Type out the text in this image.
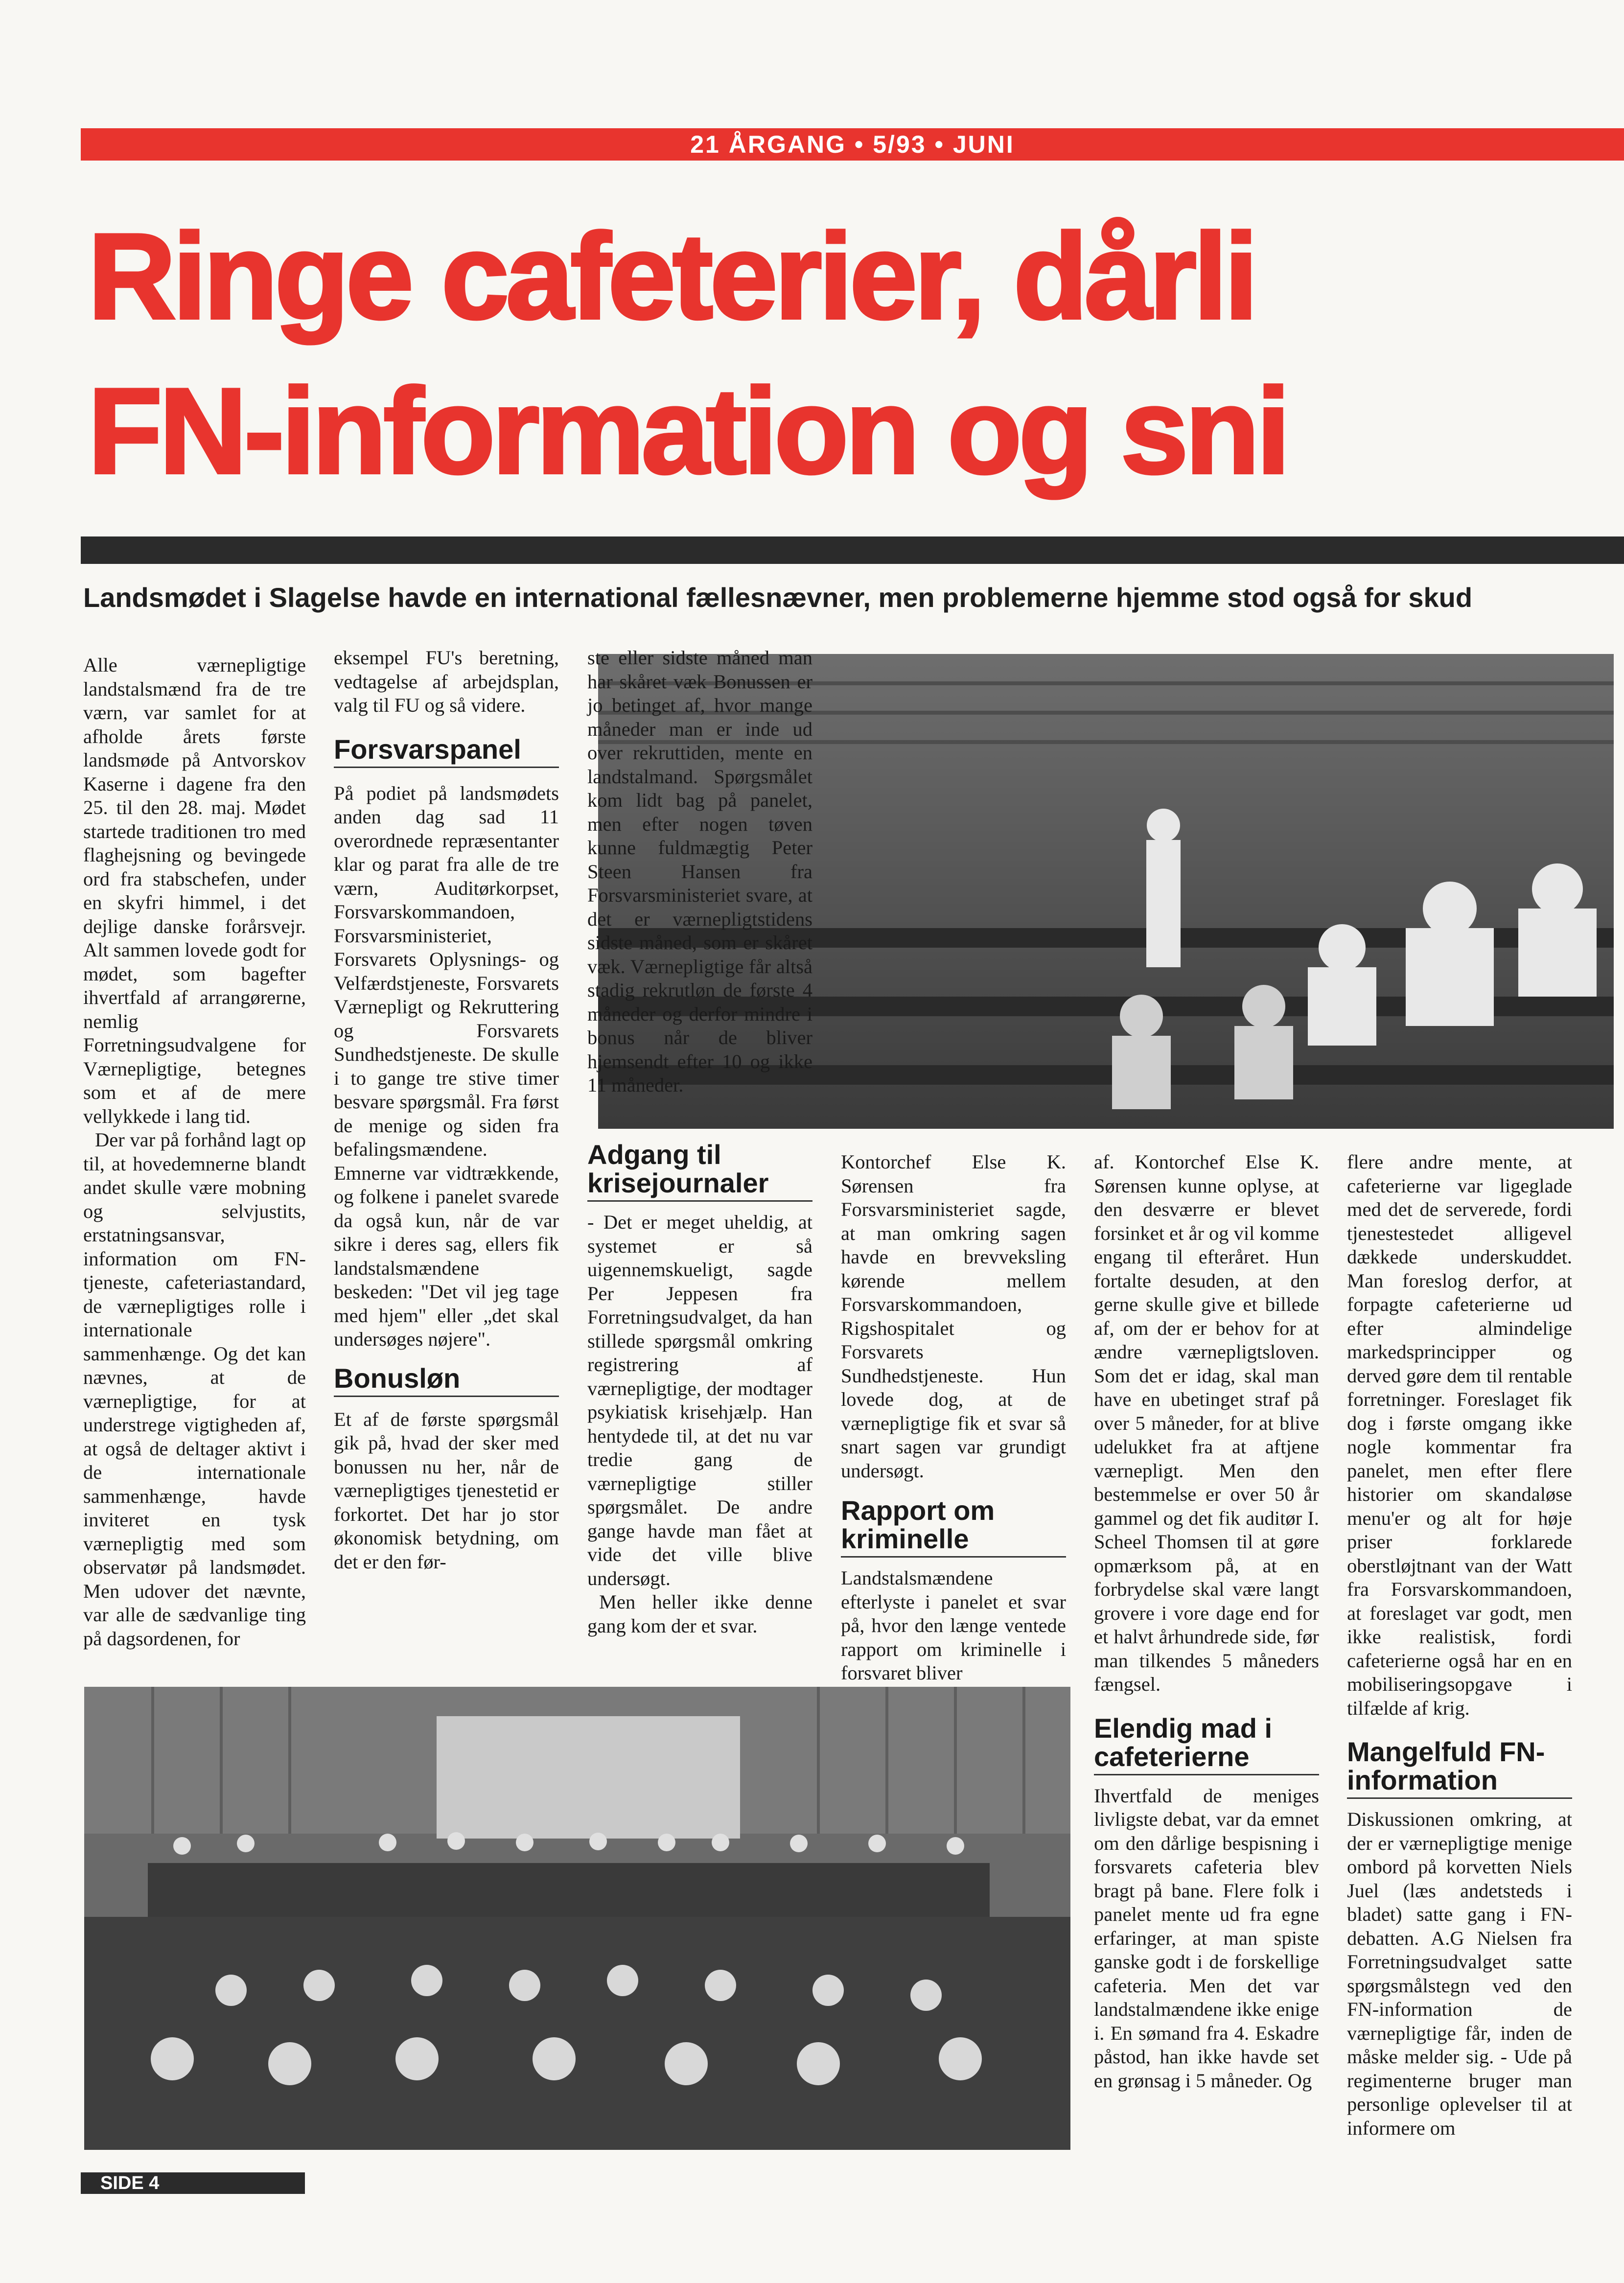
21 ÅRGANG • 5/93 • JUNI
Ringe cafeterier, dårli
FN-information og sni
Landsmødet i Slagelse havde en international fællesnævner, men problemerne hjemme stod også for skud

Alle værnepligtige landstalsmænd fra de tre værn, var samlet for at afholde årets første landsmøde på Antvorskov Kaserne i dagene fra den 25. til den 28. maj. Mødet startede traditionen tro med flaghejsning og bevingede ord fra stabschefen, under en skyfri himmel, i det dejlige danske forårsvejr. Alt sammen lovede godt for mødet, som bagefter ihvertfald af arrangørerne, nemlig Forretningsudvalgene for Værnepligtige, betegnes som et af de mere vellykkede i lang tid.

Der var på forhånd lagt op til, at hovedemnerne blandt andet skulle være mobning og selvjustits, erstatningsansvar, information om FN-tjeneste, cafeteriastandard, de værnepligtiges rolle i internationale sammenhænge. Og det kan nævnes, at de værnepligtige, for at understrege vigtigheden af, at også de deltager aktivt i de internationale sammenhænge, havde inviteret en tysk værnepligtig med som observatør på landsmødet. Men udover det nævnte, var alle de sædvanlige ting på dagsordenen, for

eksempel FU's beretning, vedtagelse af arbejdsplan, valg til FU og så videre.
Forsvarspanel
På podiet på landsmødets anden dag sad 11 overordnede repræsentanter klar og parat fra alle de tre værn, Auditørkorpset, Forsvarskommandoen, Forsvarsministeriet, Forsvarets Oplysnings- og Velfærdstjeneste, Forsvarets Værnepligt og Rekruttering og Forsvarets Sundhedstjeneste. De skulle i to gange tre stive timer besvare spørgsmål. Fra først de menige og siden fra befalingsmændene. Emnerne var vidtrækkende, og folkene i panelet svarede da også kun, når de var sikre i deres sag, ellers fik landstalsmændene beskeden: "Det vil jeg tage med hjem" eller „det skal undersøges nøjere".
Bonusløn
Et af de første spørgsmål gik på, hvad der sker med bonussen nu her, når de værnepligtiges tjenestetid er forkortet. Det har jo stor økonomisk betydning, om det er den før-
ste eller sidste måned man har skåret væk Bonussen er jo betinget af, hvor mange måneder man er inde ud over rekruttiden, mente en landstalmand. Spørgsmålet kom lidt bag på panelet, men efter nogen tøven kunne fuldmægtig Peter Steen Hansen fra Forsvarsministeriet svare, at det er værnepligtstidens sidste måned, som er skåret væk. Værnepligtige får altså stadig rekrutløn de første 4 måneder og derfor mindre i bonus når de bliver hjemsendt efter 10 og ikke 11 måneder.
Adgang til krisejournaler
- Det er meget uheldig, at systemet er så uigennemskueligt, sagde Per Jeppesen fra Forretningsudvalget, da han stillede spørgsmål omkring registrering af værnepligtige, der modtager psykiatisk krisehjælp. Han hentydede til, at det nu var tredie gang de værnepligtige stiller spørgsmålet. De andre gange havde man fået at vide det ville blive undersøgt.
Men heller ikke denne gang kom der et svar.
Kontorchef Else K. Sørensen fra Forsvarsministeriet sagde, at man omkring sagen havde en brevveksling kørende mellem Forsvarskommandoen, Rigshospitalet og Forsvarets Sundhedstjeneste. Hun lovede dog, at de værnepligtige fik et svar så snart sagen var grundigt undersøgt.
Rapport om kriminelle
Landstalsmændene efterlyste i panelet et svar på, hvor den længe ventede rapport om kriminelle i forsvaret bliver
af. Kontorchef Else K. Sørensen kunne oplyse, at den desværre er blevet forsinket et år og vil komme engang til efteråret. Hun fortalte desuden, at den gerne skulle give et billede af, om der er behov for at ændre værnepligtsloven. Som det er idag, skal man have en ubetinget straf på over 5 måneder, for at blive udelukket fra at aftjene værnepligt. Men den bestemmelse er over 50 år gammel og det fik auditør I. Scheel Thomsen til at gøre opmærksom på, at en forbrydelse skal være langt grovere i vore dage end for et halvt århundrede side, før man tilkendes 5 måneders fængsel.
Elendig mad i cafeterierne
Ihvertfald de meniges livligste debat, var da emnet om den dårlige bespisning i forsvarets cafeteria blev bragt på bane. Flere folk i panelet mente ud fra egne erfaringer, at man spiste ganske godt i de forskellige cafeteria. Men det var landstalmændene ikke enige i. En sømand fra 4. Eskadre påstod, han ikke havde set en grønsag i 5 måneder. Og
flere andre mente, at cafeterierne var ligeglade med det de serverede, fordi tjenestestedet alligevel dækkede underskuddet. Man foreslog derfor, at forpagte cafeterierne ud efter almindelige markedsprincipper og derved gøre dem til rentable forretninger. Foreslaget fik dog i første omgang ikke nogle kommentar fra panelet, men efter flere historier om skandaløse menu'er og alt for høje priser forklarede oberstløjtnant van der Watt fra Forsvarskommandoen, at foreslaget var godt, men ikke realistisk, fordi cafeterierne også har en en mobiliseringsopgave i tilfælde af krig.
Mangelfuld FN-information
Diskussionen omkring, at der er værnepligtige menige ombord på korvetten Niels Juel (læs andetsteds i bladet) satte gang i FN-debatten. A.G Nielsen fra Forretningsudvalget satte spørgsmålstegn ved den FN-information de værnepligtige får, inden de måske melder sig. - Ude på regimenterne bruger man personlige oplevelser til at informere om
SIDE 4
